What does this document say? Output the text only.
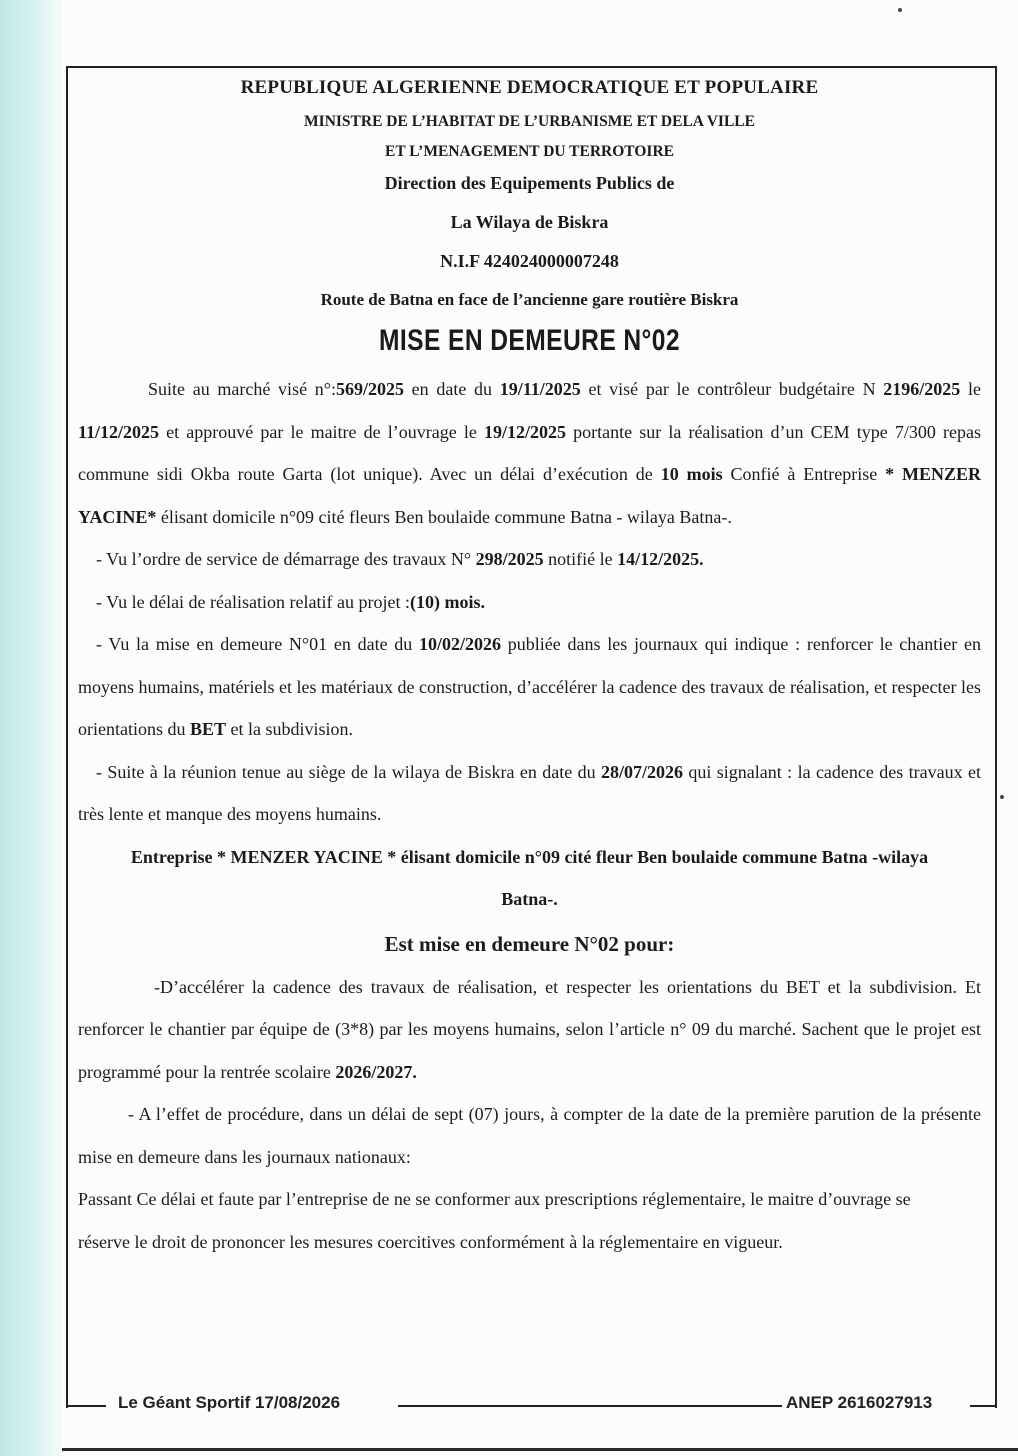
REPUBLIQUE ALGERIENNE DEMOCRATIQUE ET POPULAIRE
MINISTRE DE L’HABITAT DE L’URBANISME ET DELA VILLE
ET L’MENAGEMENT DU TERROTOIRE
Direction des Equipements Publics de
La Wilaya de Biskra
N.I.F 424024000007248
Route de Batna en face de l’ancienne gare routière Biskra
MISE EN DEMEURE N°02

Suite au marché visé n°:569/2025 en date du 19/11/2025 et visé par le contrôleur budgétaire N 2196/2025 le 11/12/2025 et approuvé par le maitre de l’ouvrage le 19/12/2025 portante sur la réalisation d’un CEM type 7/300 repas commune sidi Okba route Garta (lot unique). Avec un délai d’exécution de 10 mois Confié à Entreprise * MENZER YACINE* élisant domicile n°09 cité fleurs Ben boulaide commune Batna - wilaya Batna-.

- Vu l’ordre de service de démarrage des travaux N° 298/2025 notifié le 14/12/2025.

- Vu le délai de réalisation relatif au projet :(10) mois.

- Vu la mise en demeure N°01 en date du 10/02/2026 publiée dans les journaux qui indique : renforcer le chantier en moyens humains, matériels et les matériaux de construction, d’accélérer la cadence des travaux de réalisation, et respecter les orientations du BET et la subdivision.

- Suite à la réunion tenue au siège de la wilaya de Biskra en date du 28/07/2026 qui signalant : la cadence des travaux et très lente et manque des moyens humains.

Entreprise * MENZER YACINE * élisant domicile n°09 cité fleur Ben boulaide commune Batna -wilaya

Batna-.

Est mise en demeure N°02 pour:

-D’accélérer la cadence des travaux de réalisation, et respecter les orientations du BET et la subdivision. Et renforcer le chantier par équipe de (3*8) par les moyens humains, selon l’article n° 09 du marché. Sachent que le projet est programmé pour la rentrée scolaire 2026/2027.

- A l’effet de procédure, dans un délai de sept (07) jours, à compter de la date de la première parution de la présente mise en demeure dans les journaux nationaux:

Passant Ce délai et faute par l’entreprise de ne se conformer aux prescriptions réglementaire, le maitre d’ouvrage se réserve le droit de prononcer les mesures coercitives conformément à la réglementaire en vigueur.

Le Géant Sportif 17/08/2026	ANEP 2616027913
